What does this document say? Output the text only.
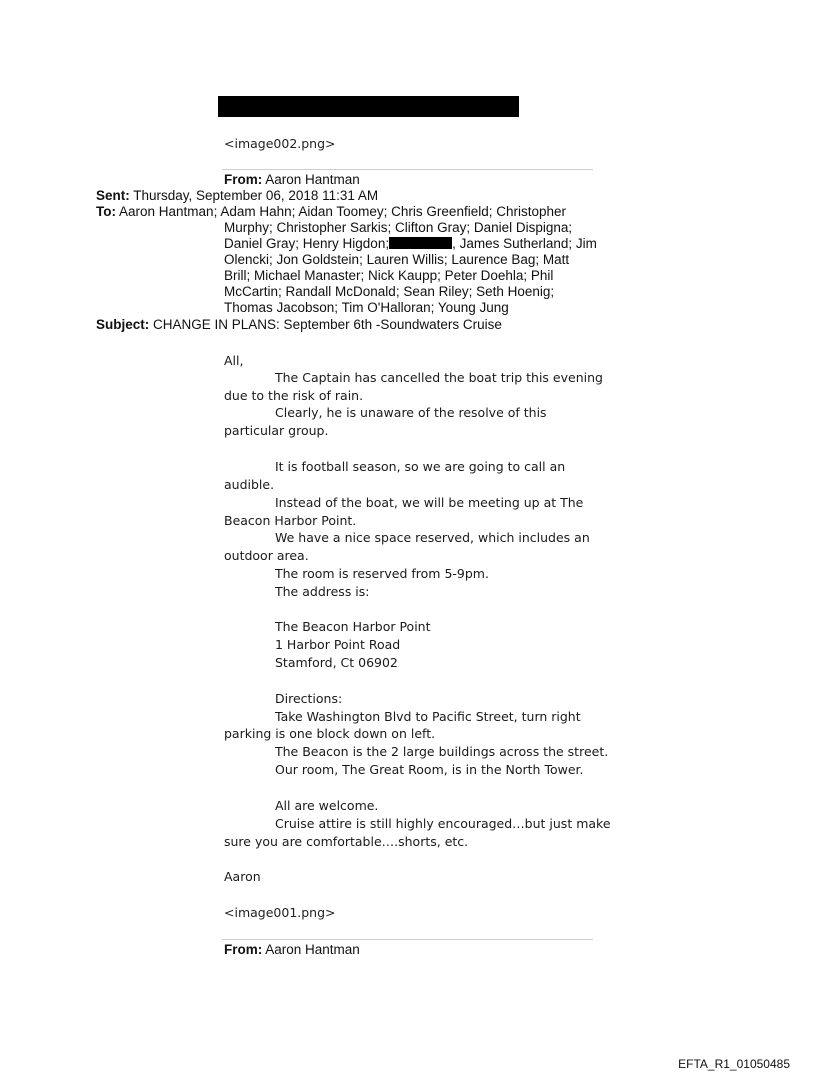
<image002.png>
From: Aaron Hantman
Sent: Thursday, September 06, 2018 11:31 AM
To: Aaron Hantman; Adam Hahn; Aidan Toomey; Chris Greenfield; Christopher
Murphy; Christopher Sarkis; Clifton Gray; Daniel Dispigna;
Daniel Gray; Henry Higdon;	, James Sutherland; Jim
Olencki; Jon Goldstein; Lauren Willis; Laurence Bag; Matt
Brill; Michael Manaster; Nick Kaupp; Peter Doehla; Phil
McCartin; Randall McDonald; Sean Riley; Seth Hoenig;
Thomas Jacobson; Tim O'Halloran; Young Jung
Subject: CHANGE IN PLANS: September 6th -Soundwaters Cruise
All,
The Captain has cancelled the boat trip this evening
due to the risk of rain.
Clearly, he is unaware of the resolve of this
particular group.
It is football season, so we are going to call an
audible.
Instead of the boat, we will be meeting up at The
Beacon Harbor Point.
We have a nice space reserved, which includes an
outdoor area.
The room is reserved from 5-9pm.
The address is:
The Beacon Harbor Point
1 Harbor Point Road
Stamford, Ct 06902
Directions:
Take Washington Blvd to Pacific Street, turn right
parking is one block down on left.
The Beacon is the 2 large buildings across the street.
Our room, The Great Room, is in the North Tower.
All are welcome.
Cruise attire is still highly encouraged…but just make
sure you are comfortable….shorts, etc.
Aaron
<image001.png>
From: Aaron Hantman
EFTA_R1_01050485
